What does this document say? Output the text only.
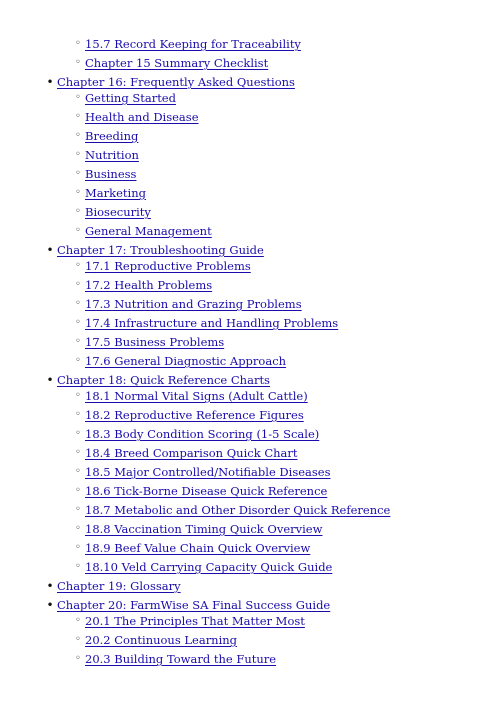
◦ 15.7 Record Keeping for Traceability
◦ Chapter 15 Summary Checklist
• Chapter 16: Frequently Asked Questions
◦ Getting Started
◦ Health and Disease
◦ Breeding
◦ Nutrition
◦ Business
◦ Marketing
◦ Biosecurity
◦ General Management
• Chapter 17: Troubleshooting Guide
◦ 17.1 Reproductive Problems
◦ 17.2 Health Problems
◦ 17.3 Nutrition and Grazing Problems
◦ 17.4 Infrastructure and Handling Problems
◦ 17.5 Business Problems
◦ 17.6 General Diagnostic Approach
• Chapter 18: Quick Reference Charts
◦ 18.1 Normal Vital Signs (Adult Cattle)
◦ 18.2 Reproductive Reference Figures
◦ 18.3 Body Condition Scoring (1-5 Scale)
◦ 18.4 Breed Comparison Quick Chart
◦ 18.5 Major Controlled/Notifiable Diseases
◦ 18.6 Tick-Borne Disease Quick Reference
◦ 18.7 Metabolic and Other Disorder Quick Reference
◦ 18.8 Vaccination Timing Quick Overview
◦ 18.9 Beef Value Chain Quick Overview
◦ 18.10 Veld Carrying Capacity Quick Guide
• Chapter 19: Glossary
• Chapter 20: FarmWise SA Final Success Guide
◦ 20.1 The Principles That Matter Most
◦ 20.2 Continuous Learning
◦ 20.3 Building Toward the Future
